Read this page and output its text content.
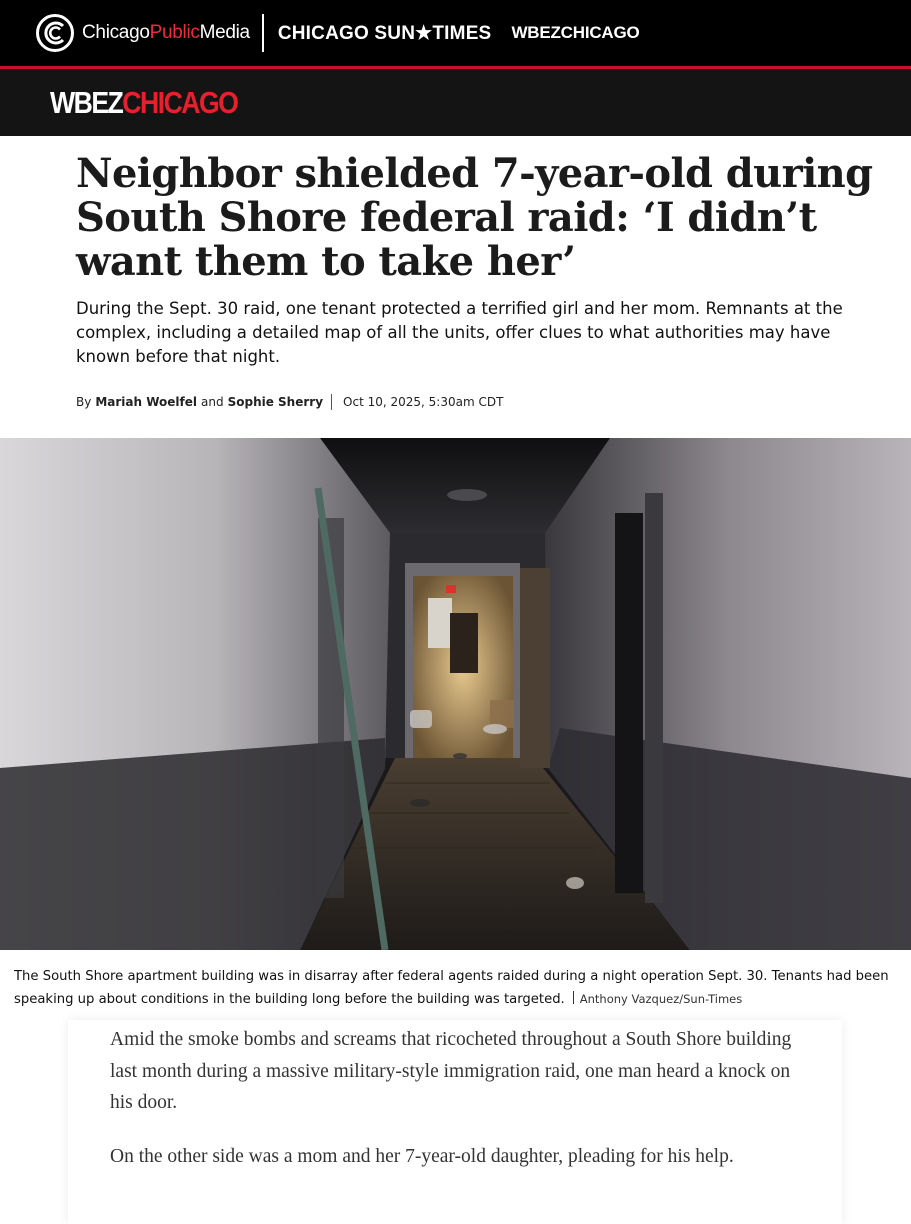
ChicagoPublicMedia CHICAGO SUN★TIMES WBEZCHICAGO
WBEZCHICAGO
Neighbor shielded 7-year-old during South Shore federal raid: ‘I didn’t want them to take her’

During the Sept. 30 raid, one tenant protected a terrified girl and her mom. Remnants at the complex, including a detailed map of all the units, offer clues to what authorities may have known before that night.

By Mariah Woelfel and Sophie Sherry Oct 10, 2025, 5:30am CDT

The South Shore apartment building was in disarray after federal agents raided during a night operation Sept. 30. Tenants had been speaking up about conditions in the building long before the building was targeted. Anthony Vazquez/Sun-Times

Amid the smoke bombs and screams that ricocheted throughout a South Shore building last month during a massive military-style immigration raid, one man heard a knock on his door.

On the other side was a mom and her 7-year-old daughter, pleading for his help.
